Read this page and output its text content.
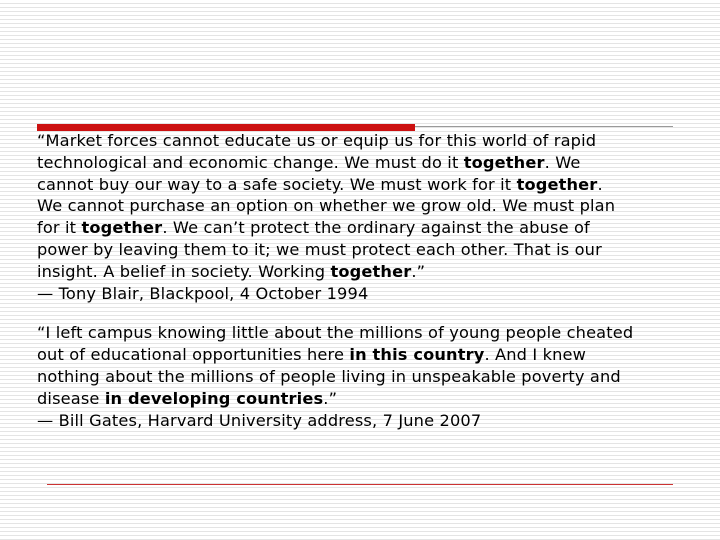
“Market forces cannot educate us or equip us for this world of rapid
technological and economic change. We must do it together. We
cannot buy our way to a safe society. We must work for it together.
We cannot purchase an option on whether we grow old. We must plan
for it together. We can’t protect the ordinary against the abuse of
power by leaving them to it; we must protect each other. That is our
insight. A belief in society. Working together.”
— Tony Blair, Blackpool, 4 October 1994
“I left campus knowing little about the millions of young people cheated
out of educational opportunities here in this country. And I knew
nothing about the millions of people living in unspeakable poverty and
disease in developing countries.”
— Bill Gates, Harvard University address, 7 June 2007
